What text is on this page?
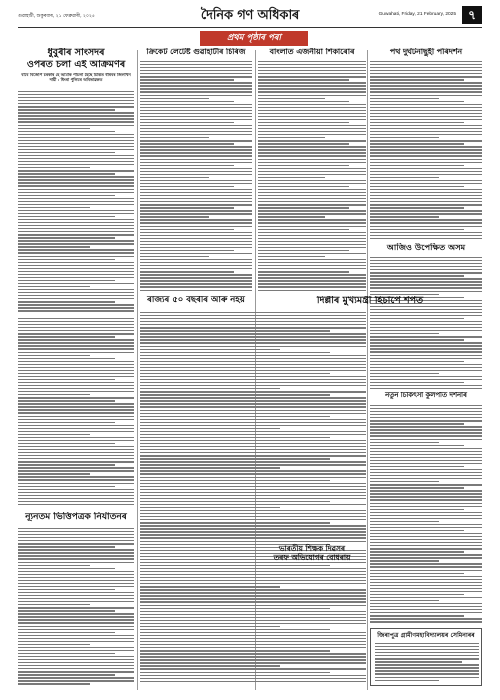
গুৱাহাটী, শুকুৰবাৰ, ২১ ফেব্ৰুৱাৰী, ২০২৫	দৈনিক গণ অধিকাৰ	Guwahati, Friday, 21 February, 2025	৭
প্ৰথম পৃষ্ঠাৰ পৰা
ধুবুৰীৰ সাংসদৰ
ওপৰত চলা এই আক্ৰমণৰ
বাবে বিজেপি চৰকাৰ হে আমাক পাচলা হৈছে চিন্তিত ধৰিবৰ জিলাখন দায়ী : ধিংৰা পুলিচৰ অবিভাৱকত
ন্যূনতম ভিত্তিপত্ৰক নিৰ্যাতনৰ
ক্ৰিকেট লেটেষ্ট গুৱাহাটীৰ চিৰিজ
ৰাজ্যৰ ৫০ বছৰীৰ আৰু নহয়
বাংলাত এজনীয়া শিকাৰোৰ	পথ দুৰ্ঘটনাছুহী পৰিদৰ্শন
আজিও উপেক্ষিত অসম
দিল্লীৰ মুখ্যমন্ত্ৰী হিচাপে শপত
নতুন চিকিৎসা কুলপতি দৰ্শনাৰ
জিৰাপুত্ৰ গ্ৰামীণমহাবিদ্যালয়ৰ সেমিনাৰৰ
ভাৰতীয় শিক্ষক দিৱসৰ
তৰফ অভিযোগৰ বোধৰায়
